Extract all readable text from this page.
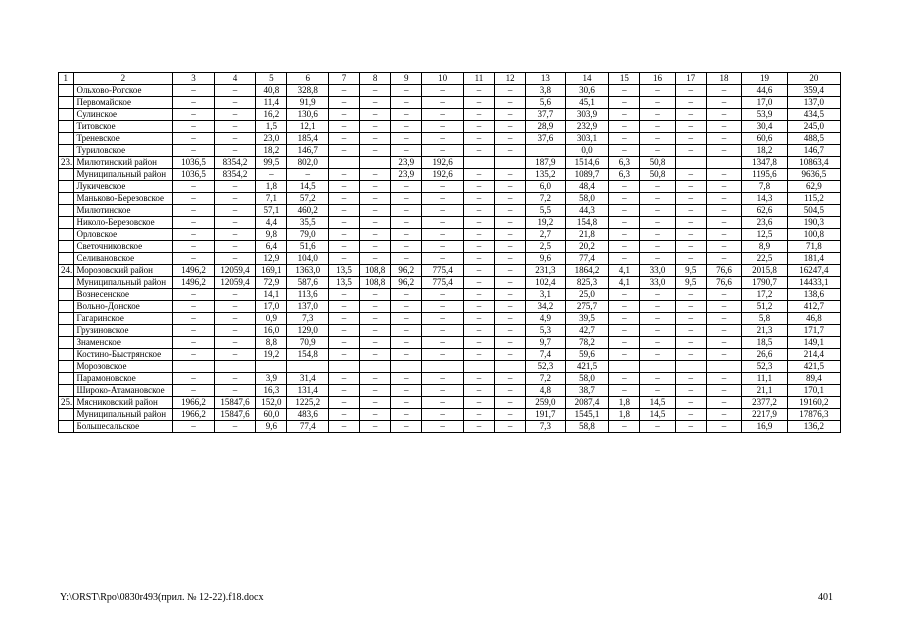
1	2	3	4	5	6	7	8	9	10	11	12	13	14	15	16	17	18	19	20
	Ольхово-Рогское	–	–	40,8	328,8	–	–	–	–	–	–	3,8	30,6	–	–	–	–	44,6	359,4
	Первомайское	–	–	11,4	91,9	–	–	–	–	–	–	5,6	45,1	–	–	–	–	17,0	137,0
	Сулинское	–	–	16,2	130,6	–	–	–	–	–	–	37,7	303,9	–	–	–	–	53,9	434,5
	Титовское	–	–	1,5	12,1	–	–	–	–	–	–	28,9	232,9	–	–	–	–	30,4	245,0
	Треневское	–	–	23,0	185,4	–	–	–	–	–	–	37,6	303,1	–	–	–	–	60,6	488,5
	Туриловское	–	–	18,2	146,7	–	–	–	–	–	–		0,0	–	–	–	–	18,2	146,7
23.	Милютинский район	1036,5	8354,2	99,5	802,0			23,9	192,6			187,9	1514,6	6,3	50,8			1347,8	10863,4
	Муниципальный район	1036,5	8354,2	–	–	–	–	23,9	192,6	–	–	135,2	1089,7	6,3	50,8	–	–	1195,6	9636,5
	Лукичевское	–	–	1,8	14,5	–	–	–	–	–	–	6,0	48,4	–	–	–	–	7,8	62,9
	Маньково-Березовское	–	–	7,1	57,2	–	–	–	–	–	–	7,2	58,0	–	–	–	–	14,3	115,2
	Милютинское	–	–	57,1	460,2	–	–	–	–	–	–	5,5	44,3	–	–	–	–	62,6	504,5
	Николо-Березовское	–	–	4,4	35,5	–	–	–	–	–	–	19,2	154,8	–	–	–	–	23,6	190,3
	Орловское	–	–	9,8	79,0	–	–	–	–	–	–	2,7	21,8	–	–	–	–	12,5	100,8
	Светочниковское	–	–	6,4	51,6	–	–	–	–	–	–	2,5	20,2	–	–	–	–	8,9	71,8
	Селивановское	–	–	12,9	104,0	–	–	–	–	–	–	9,6	77,4	–	–	–	–	22,5	181,4
24.	Морозовский район	1496,2	12059,4	169,1	1363,0	13,5	108,8	96,2	775,4	–	–	231,3	1864,2	4,1	33,0	9,5	76,6	2015,8	16247,4
	Муниципальный район	1496,2	12059,4	72,9	587,6	13,5	108,8	96,2	775,4	–	–	102,4	825,3	4,1	33,0	9,5	76,6	1790,7	14433,1
	Вознесенское	–	–	14,1	113,6	–	–	–	–	–	–	3,1	25,0	–	–	–	–	17,2	138,6
	Вольно-Донское	–	–	17,0	137,0	–	–	–	–	–	–	34,2	275,7	–	–	–	–	51,2	412,7
	Гагаринское	–	–	0,9	7,3	–	–	–	–	–	–	4,9	39,5	–	–	–	–	5,8	46,8
	Грузиновское	–	–	16,0	129,0	–	–	–	–	–	–	5,3	42,7	–	–	–	–	21,3	171,7
	Знаменское	–	–	8,8	70,9	–	–	–	–	–	–	9,7	78,2	–	–	–	–	18,5	149,1
	Костино-Быстрянское	–	–	19,2	154,8	–	–	–	–	–	–	7,4	59,6	–	–	–	–	26,6	214,4
	Морозовское											52,3	421,5					52,3	421,5
	Парамоновское	–	–	3,9	31,4	–	–	–	–	–	–	7,2	58,0	–	–	–	–	11,1	89,4
	Широко-Атамановское	–	–	16,3	131,4	–	–	–	–	–	–	4,8	38,7	–	–	–	–	21,1	170,1
25.	Мясниковский район	1966,2	15847,6	152,0	1225,2	–	–	–	–	–	–	259,0	2087,4	1,8	14,5	–	–	2377,2	19160,2
	Муниципальный район	1966,2	15847,6	60,0	483,6	–	–	–	–	–	–	191,7	1545,1	1,8	14,5	–	–	2217,9	17876,3
	Большесальское	–	–	9,6	77,4	–	–	–	–	–	–	7,3	58,8	–	–	–	–	16,9	136,2
Y:\ORST\Rpo\0830r493(прил. № 12-22).f18.docx	401
